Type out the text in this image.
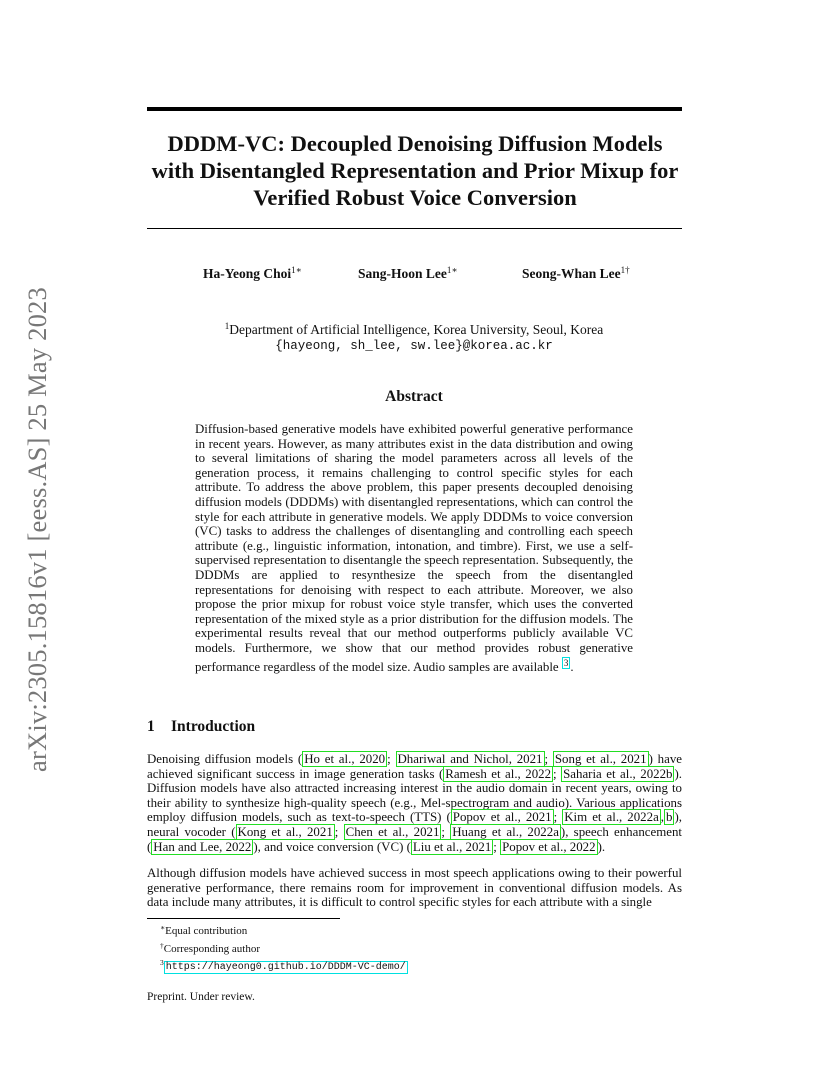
arXiv:2305.15816v1 [eess.AS] 25 May 2023
DDDM-VC: Decoupled Denoising Diffusion Models
with Disentangled Representation and Prior Mixup for
Verified Robust Voice Conversion
Ha-Yeong Choi$^{1∗}$	Sang-Hoon Lee$^{1∗}$	Seong-Whan Lee$^{1\dagger}$
$^1$Department of Artificial Intelligence, Korea University, Seoul, Korea
{hayeong, sh_lee, sw.lee}@korea.ac.kr
Abstract

Diffusion-based generative models have exhibited powerful generative performance in recent years. However, as many attributes exist in the data distribution and owing to several limitations of sharing the model parameters across all levels of the generation process, it remains challenging to control specific styles for each attribute. To address the above problem, this paper presents decoupled denoising diffusion models (DDDMs) with disentangled representations, which can control the style for each attribute in generative models. We apply DDDMs to voice conversion (VC) tasks to address the challenges of disentangling and controlling each speech attribute (e.g., linguistic information, intonation, and timbre). First, we use a self-supervised representation to disentangle the speech representation. Subsequently, the DDDMs are applied to resynthesize the speech from the disentangled representations for denoising with respect to each attribute. Moreover, we also propose the prior mixup for robust voice style transfer, which uses the converted representation of the mixed style as a prior distribution for the diffusion models. The experimental results reveal that our method outperforms publicly available VC models. Furthermore, we show that our method provides robust generative performance regardless of the model size. Audio samples are available $^3$ .

1 Introduction

Denoising diffusion models ( Ho et al., 2020 ; Dhariwal and Nichol, 2021 ; Song et al., 2021 ) have achieved significant success in image generation tasks ( Ramesh et al., 2022 ; Saharia et al., 2022b ). Diffusion models have also attracted increasing interest in the audio domain in recent years, owing to their ability to synthesize high-quality speech (e.g., Mel-spectrogram and audio). Various applications employ diffusion models, such as text-to-speech (TTS) ( Popov et al., 2021 ; Kim et al., 2022a , b ), neural vocoder ( Kong et al., 2021 ; Chen et al., 2021 ; Huang et al., 2022a ), speech enhancement ( Han and Lee, 2022 ), and voice conversion (VC) ( Liu et al., 2021 ; Popov et al., 2022 ).

Although diffusion models have achieved success in most speech applications owing to their powerful generative performance, there remains room for improvement in conventional diffusion models. As data include many attributes, it is difficult to control specific styles for each attribute with a single

∗Equal contribution
†Corresponding author
$^3$ https://hayeong0.github.io/DDDM-VC-demo/
Preprint. Under review.
